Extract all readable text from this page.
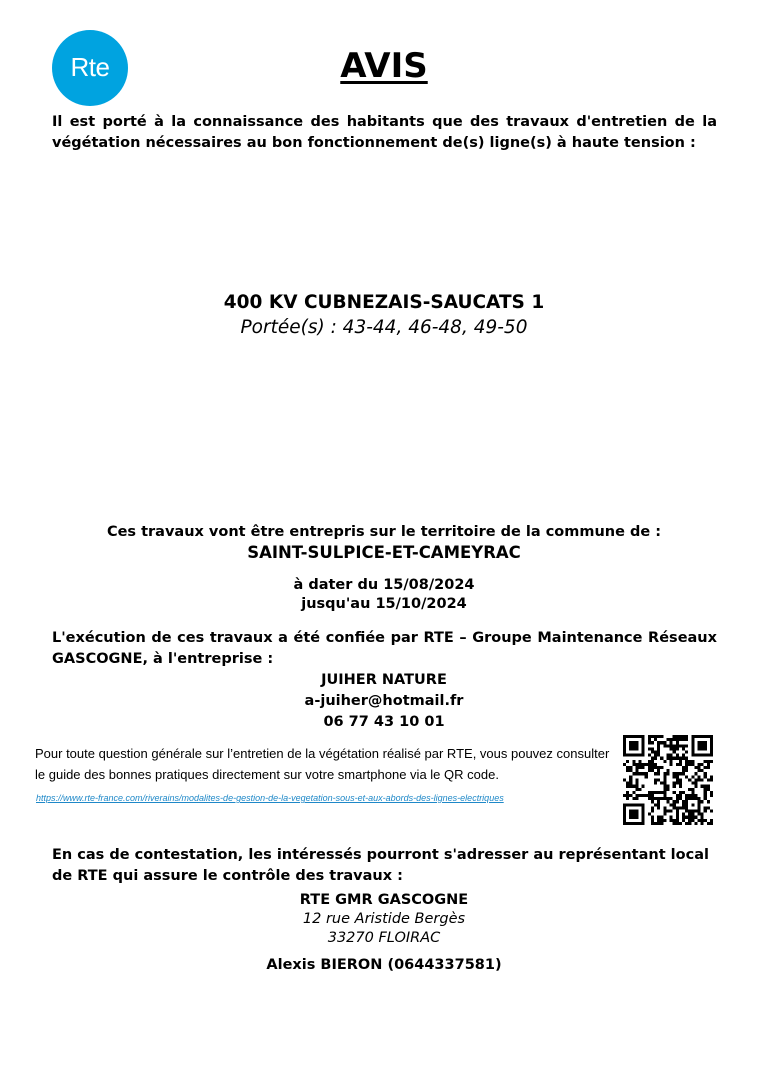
Rte	AVIS
Il est porté à la connaissance des habitants que des travaux d'entretien de la végétation nécessaires au bon fonctionnement de(s) ligne(s) à haute tension :
400 KV CUBNEZAIS-SAUCATS 1
Portée(s) : 43-44, 46-48, 49-50
Ces travaux vont être entrepris sur le territoire de la commune de :
SAINT-SULPICE-ET-CAMEYRAC
à dater du 15/08/2024
jusqu'au 15/10/2024
L'exécution de ces travaux a été confiée par RTE – Groupe Maintenance Réseaux GASCOGNE, à l'entreprise :
JUIHER NATURE
a-juiher@hotmail.fr
06 77 43 10 01
Pour toute question générale sur l’entretien de la végétation réalisé par RTE, vous pouvez consulter le guide des bonnes pratiques directement sur votre smartphone via le QR code.
https://www.rte-france.com/riverains/modalites-de-gestion-de-la-vegetation-sous-et-aux-abords-des-lignes-electriques
En cas de contestation, les intéressés pourront s'adresser au représentant local de RTE qui assure le contrôle des travaux :
RTE GMR GASCOGNE
12 rue Aristide Bergès
33270 FLOIRAC
Alexis BIERON (0644337581)
